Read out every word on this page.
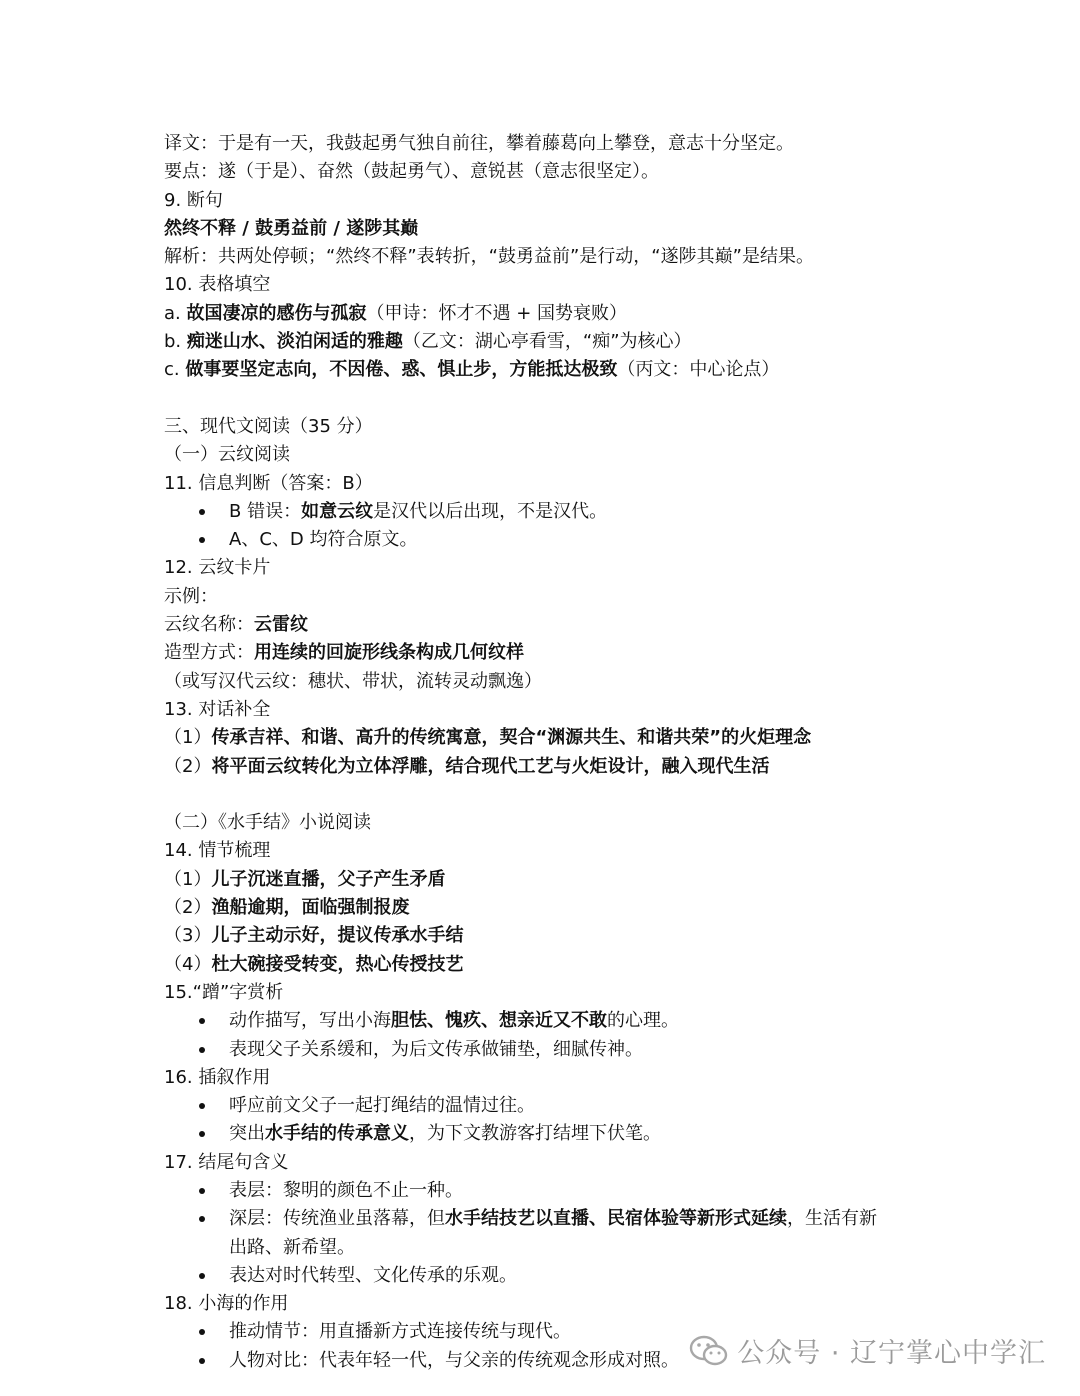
译文：于是有一天，我鼓起勇气独自前往，攀着藤葛向上攀登，意志十分坚定。
要点：遂（于是）、奋然（鼓起勇气）、意锐甚（意志很坚定）。
9. 断句
然终不释 / 鼓勇益前 / 遂陟其巅
解析：共两处停顿；“然终不释”表转折，“鼓勇益前”是行动，“遂陟其巅”是结果。
10. 表格填空
a. 故国凄凉的感伤与孤寂（甲诗：怀才不遇 + 国势衰败）
b. 痴迷山水、淡泊闲适的雅趣（乙文：湖心亭看雪，“痴”为核心）
c. 做事要坚定志向，不因倦、惑、惧止步，方能抵达极致（丙文：中心论点）
三、现代文阅读（35 分）
（一）云纹阅读
11. 信息判断（答案：B）
B 错误：如意云纹是汉代以后出现，不是汉代。
A、C、D 均符合原文。
12. 云纹卡片
示例：
云纹名称：云雷纹
造型方式：用连续的回旋形线条构成几何纹样
（或写汉代云纹：穗状、带状，流转灵动飘逸）
13. 对话补全
（1）传承吉祥、和谐、高升的传统寓意，契合“渊源共生、和谐共荣”的火炬理念
（2）将平面云纹转化为立体浮雕，结合现代工艺与火炬设计，融入现代生活
（二）《水手结》小说阅读
14. 情节梳理
（1）儿子沉迷直播，父子产生矛盾
（2）渔船逾期，面临强制报废
（3）儿子主动示好，提议传承水手结
（4）杜大碗接受转变，热心传授技艺
15.“蹭”字赏析
动作描写，写出小海胆怯、愧疚、想亲近又不敢的心理。
表现父子关系缓和，为后文传承做铺垫，细腻传神。
16. 插叙作用
呼应前文父子一起打绳结的温情过往。
突出水手结的传承意义，为下文教游客打结埋下伏笔。
17. 结尾句含义
表层：黎明的颜色不止一种。
深层：传统渔业虽落幕，但水手结技艺以直播、民宿体验等新形式延续，生活有新
出路、新希望。
表达对时代转型、文化传承的乐观。
18. 小海的作用
推动情节：用直播新方式连接传统与现代。
人物对比：代表年轻一代，与父亲的传统观念形成对照。	公众号 · 辽宁掌心中学汇
